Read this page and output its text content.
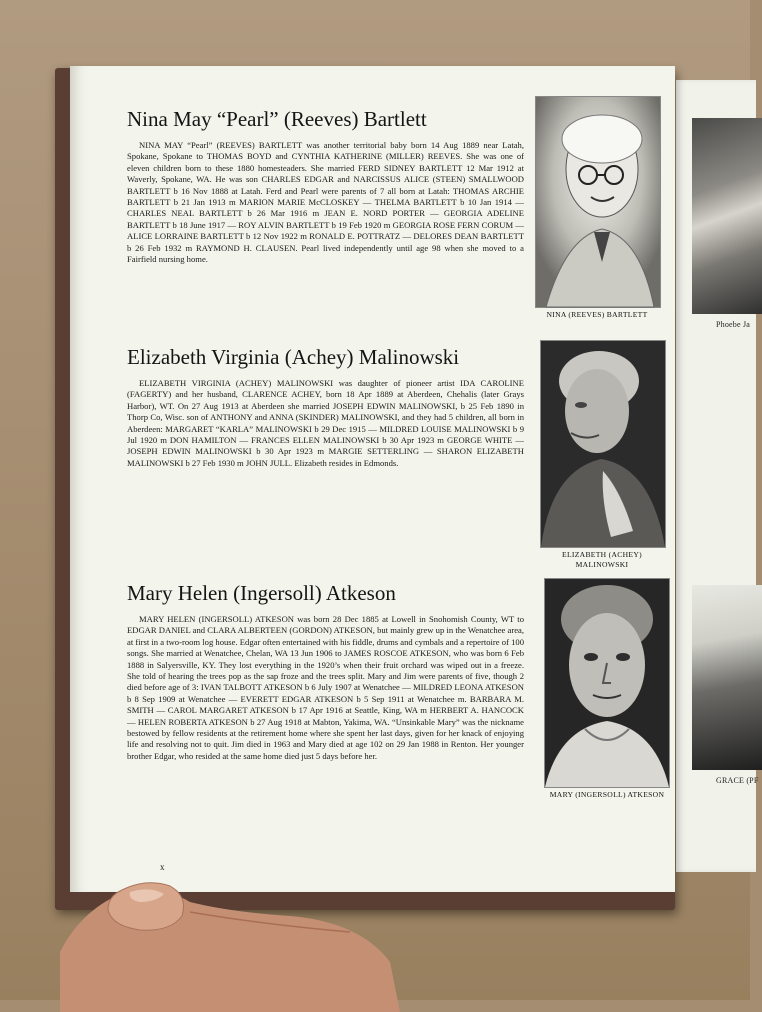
Phoebe Ja
GRACE (PF
Nina May “Pearl” (Reeves) Bartlett

NINA MAY “Pearl” (REEVES) BARTLETT was another territorial baby born 14 Aug 1889 near Latah, Spokane, Spokane to THOMAS BOYD and CYNTHIA KATHERINE (MILLER) REEVES. She was one of eleven children born to these 1880 homesteaders. She married FERD SIDNEY BARTLETT 12 Mar 1912 at Waverly, Spokane, WA. He was son CHARLES EDGAR and NARCISSUS ALICE (STEEN) SMALLWOOD BARTLETT b 16 Nov 1888 at Latah. Ferd and Pearl were parents of 7 all born at Latah: THOMAS ARCHIE BARTLETT b 21 Jan 1913 m MARION MARIE McCLOSKEY — THELMA BARTLETT b 10 Jan 1914 — CHARLES NEAL BARTLETT b 26 Mar 1916 m JEAN E. NORD PORTER — GEORGIA ADELINE BARTLETT b 18 June 1917 — ROY ALVIN BARTLETT b 19 Feb 1920 m GEORGIA ROSE FERN CORUM — ALICE LORRAINE BARTLETT b 12 Nov 1922 m RONALD E. POTTRATZ — DELORES DEAN BARTLETT b 26 Feb 1932 m RAYMOND H. CLAUSEN. Pearl lived independently until age 98 when she moved to a Fairfield nursing home.

NINA (REEVES) BARTLETT
Elizabeth Virginia (Achey) Malinowski

ELIZABETH VIRGINIA (ACHEY) MALINOWSKI was daughter of pioneer artist IDA CAROLINE (FAGERTY) and her husband, CLARENCE ACHEY, born 18 Apr 1889 at Aberdeen, Chehalis (later Grays Harbor), WT. On 27 Aug 1913 at Aberdeen she married JOSEPH EDWIN MALINOWSKI, b 25 Feb 1890 in Thorp Co, Wisc. son of ANTHONY and ANNA (SKINDER) MALINOWSKI, and they had 5 children, all born in Aberdeen: MARGARET “KARLA” MALINOWSKI b 29 Dec 1915 — MILDRED LOUISE MALINOWSKI b 9 Jul 1920 m DON HAMILTON — FRANCES ELLEN MALINOWSKI b 30 Apr 1923 m GEORGE WHITE — JOSEPH EDWIN MALINOWSKI b 30 Apr 1923 m MARGIE SETTERLING — SHARON ELIZABETH MALINOWSKI b 27 Feb 1930 m JOHN JULL. Elizabeth resides in Edmonds.

ELIZABETH (ACHEY) MALINOWSKI
Mary Helen (Ingersoll) Atkeson

MARY HELEN (INGERSOLL) ATKESON was born 28 Dec 1885 at Lowell in Snohomish County, WT to EDGAR DANIEL and CLARA ALBERTEEN (GORDON) ATKESON, but mainly grew up in the Wenatchee area, at first in a two-room log house. Edgar often entertained with his fiddle, drums and cymbals and a repertoire of 100 songs. She married at Wenatchee, Chelan, WA 13 Jun 1906 to JAMES ROSCOE ATKESON, who was born 6 Feb 1888 in Salyersville, KY. They lost everything in the 1920’s when their fruit orchard was wiped out in a freeze. She told of hearing the trees pop as the sap froze and the trees split. Mary and Jim were parents of five, though 2 died before age of 3: IVAN TALBOTT ATKESON b 6 July 1907 at Wenatchee — MILDRED LEONA ATKESON b 8 Sep 1909 at Wenatchee — EVERETT EDGAR ATKESON b 5 Sep 1911 at Wenatchee m. BARBARA M. SMITH — CAROL MARGARET ATKESON b 17 Apr 1916 at Seattle, King, WA m HERBERT A. HANCOCK — HELEN ROBERTA ATKESON b 27 Aug 1918 at Mabton, Yakima, WA. “Unsinkable Mary” was the nickname bestowed by fellow residents at the retirement home where she spent her last days, given for her knack of enjoying life and resolving not to quit. Jim died in 1963 and Mary died at age 102 on 29 Jan 1988 in Renton. Her younger brother Edgar, who resided at the same home died just 5 days before her.

MARY (INGERSOLL) ATKESON
x
